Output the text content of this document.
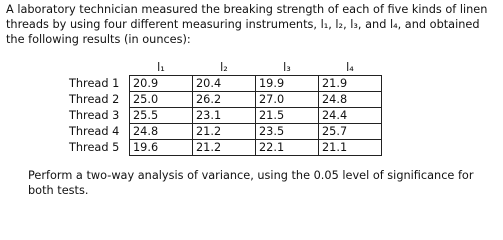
A laboratory technician measured the breaking strength of each of five kinds of linen threads by using four different measuring instruments, l₁, l₂, l₃, and l₄, and obtained the following results (in ounces):

	l₁	l₂	l₃	l₄
Thread 1	20.9	20.4	19.9	21.9
Thread 2	25.0	26.2	27.0	24.8
Thread 3	25.5	23.1	21.5	24.4
Thread 4	24.8	21.2	23.5	25.7
Thread 5	19.6	21.2	22.1	21.1

Perform a two-way analysis of variance, using the 0.05 level of significance for both tests.
